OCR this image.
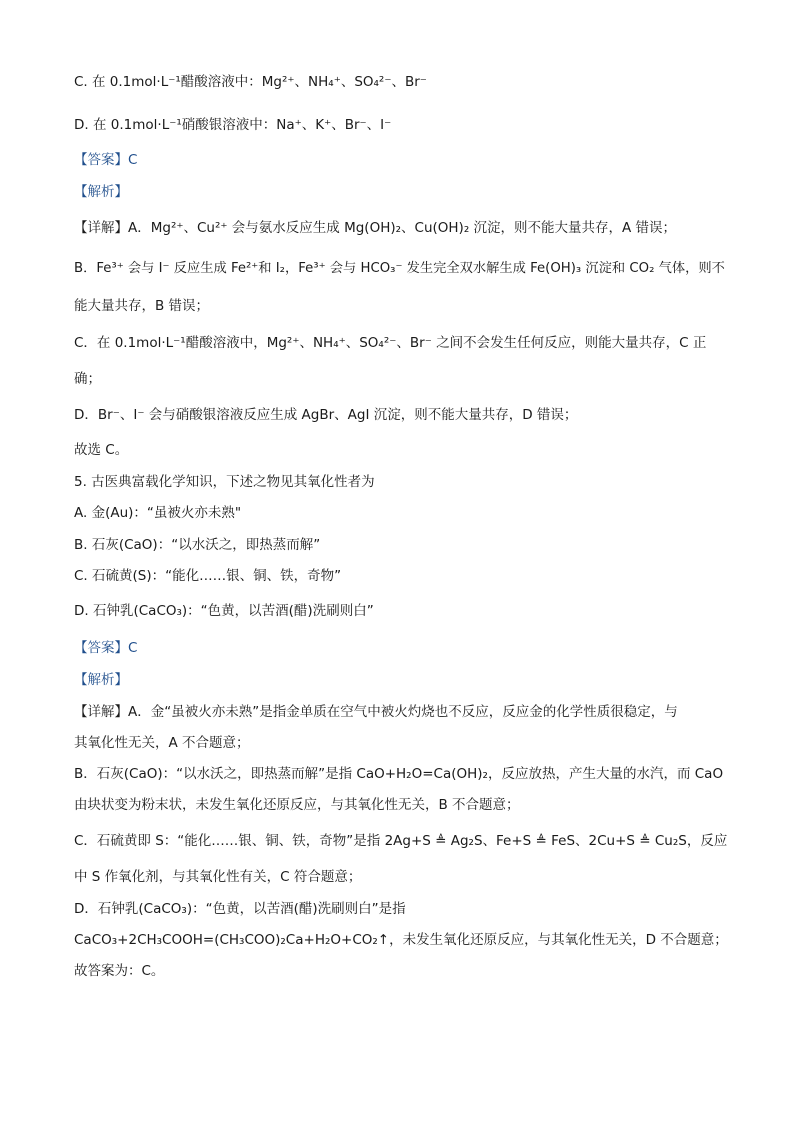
C. 在 0.1mol·L⁻¹醋酸溶液中：Mg²⁺、NH₄⁺、SO₄²⁻、Br⁻
D. 在 0.1mol·L⁻¹硝酸银溶液中：Na⁺、K⁺、Br⁻、I⁻
【答案】C
【解析】
【详解】A．Mg²⁺、Cu²⁺ 会与氨水反应生成 Mg(OH)₂、Cu(OH)₂ 沉淀，则不能大量共存，A 错误；
B．Fe³⁺ 会与 I⁻ 反应生成 Fe²⁺和 I₂，Fe³⁺ 会与 HCO₃⁻ 发生完全双水解生成 Fe(OH)₃ 沉淀和 CO₂ 气体，则不
能大量共存，B 错误；
C．在 0.1mol·L⁻¹醋酸溶液中，Mg²⁺、NH₄⁺、SO₄²⁻、Br⁻ 之间不会发生任何反应，则能大量共存，C 正
确；
D．Br⁻、I⁻ 会与硝酸银溶液反应生成 AgBr、AgI 沉淀，则不能大量共存，D 错误；
故选 C。
5. 古医典富载化学知识，下述之物见其氧化性者为
A. 金(Au)：“虽被火亦未熟"
B. 石灰(CaO)：“以水沃之，即热蒸而解”
C. 石硫黄(S)：“能化……银、铜、铁，奇物”
D. 石钟乳(CaCO₃)：“色黄，以苦酒(醋)洗刷则白”
【答案】C
【解析】
【详解】A．金“虽被火亦未熟”是指金单质在空气中被火灼烧也不反应，反应金的化学性质很稳定，与
其氧化性无关，A 不合题意；
B．石灰(CaO)：“以水沃之，即热蒸而解”是指 CaO+H₂O=Ca(OH)₂，反应放热，产生大量的水汽，而 CaO
由块状变为粉末状，未发生氧化还原反应，与其氧化性无关，B 不合题意；
C．石硫黄即 S：“能化……银、铜、铁，奇物”是指 2Ag+S ≜ Ag₂S、Fe+S ≜ FeS、2Cu+S ≜ Cu₂S，反应
中 S 作氧化剂，与其氧化性有关，C 符合题意；
D．石钟乳(CaCO₃)：“色黄，以苦酒(醋)洗刷则白”是指
CaCO₃+2CH₃COOH=(CH₃COO)₂Ca+H₂O+CO₂↑，未发生氧化还原反应，与其氧化性无关，D 不合题意；
故答案为：C。
